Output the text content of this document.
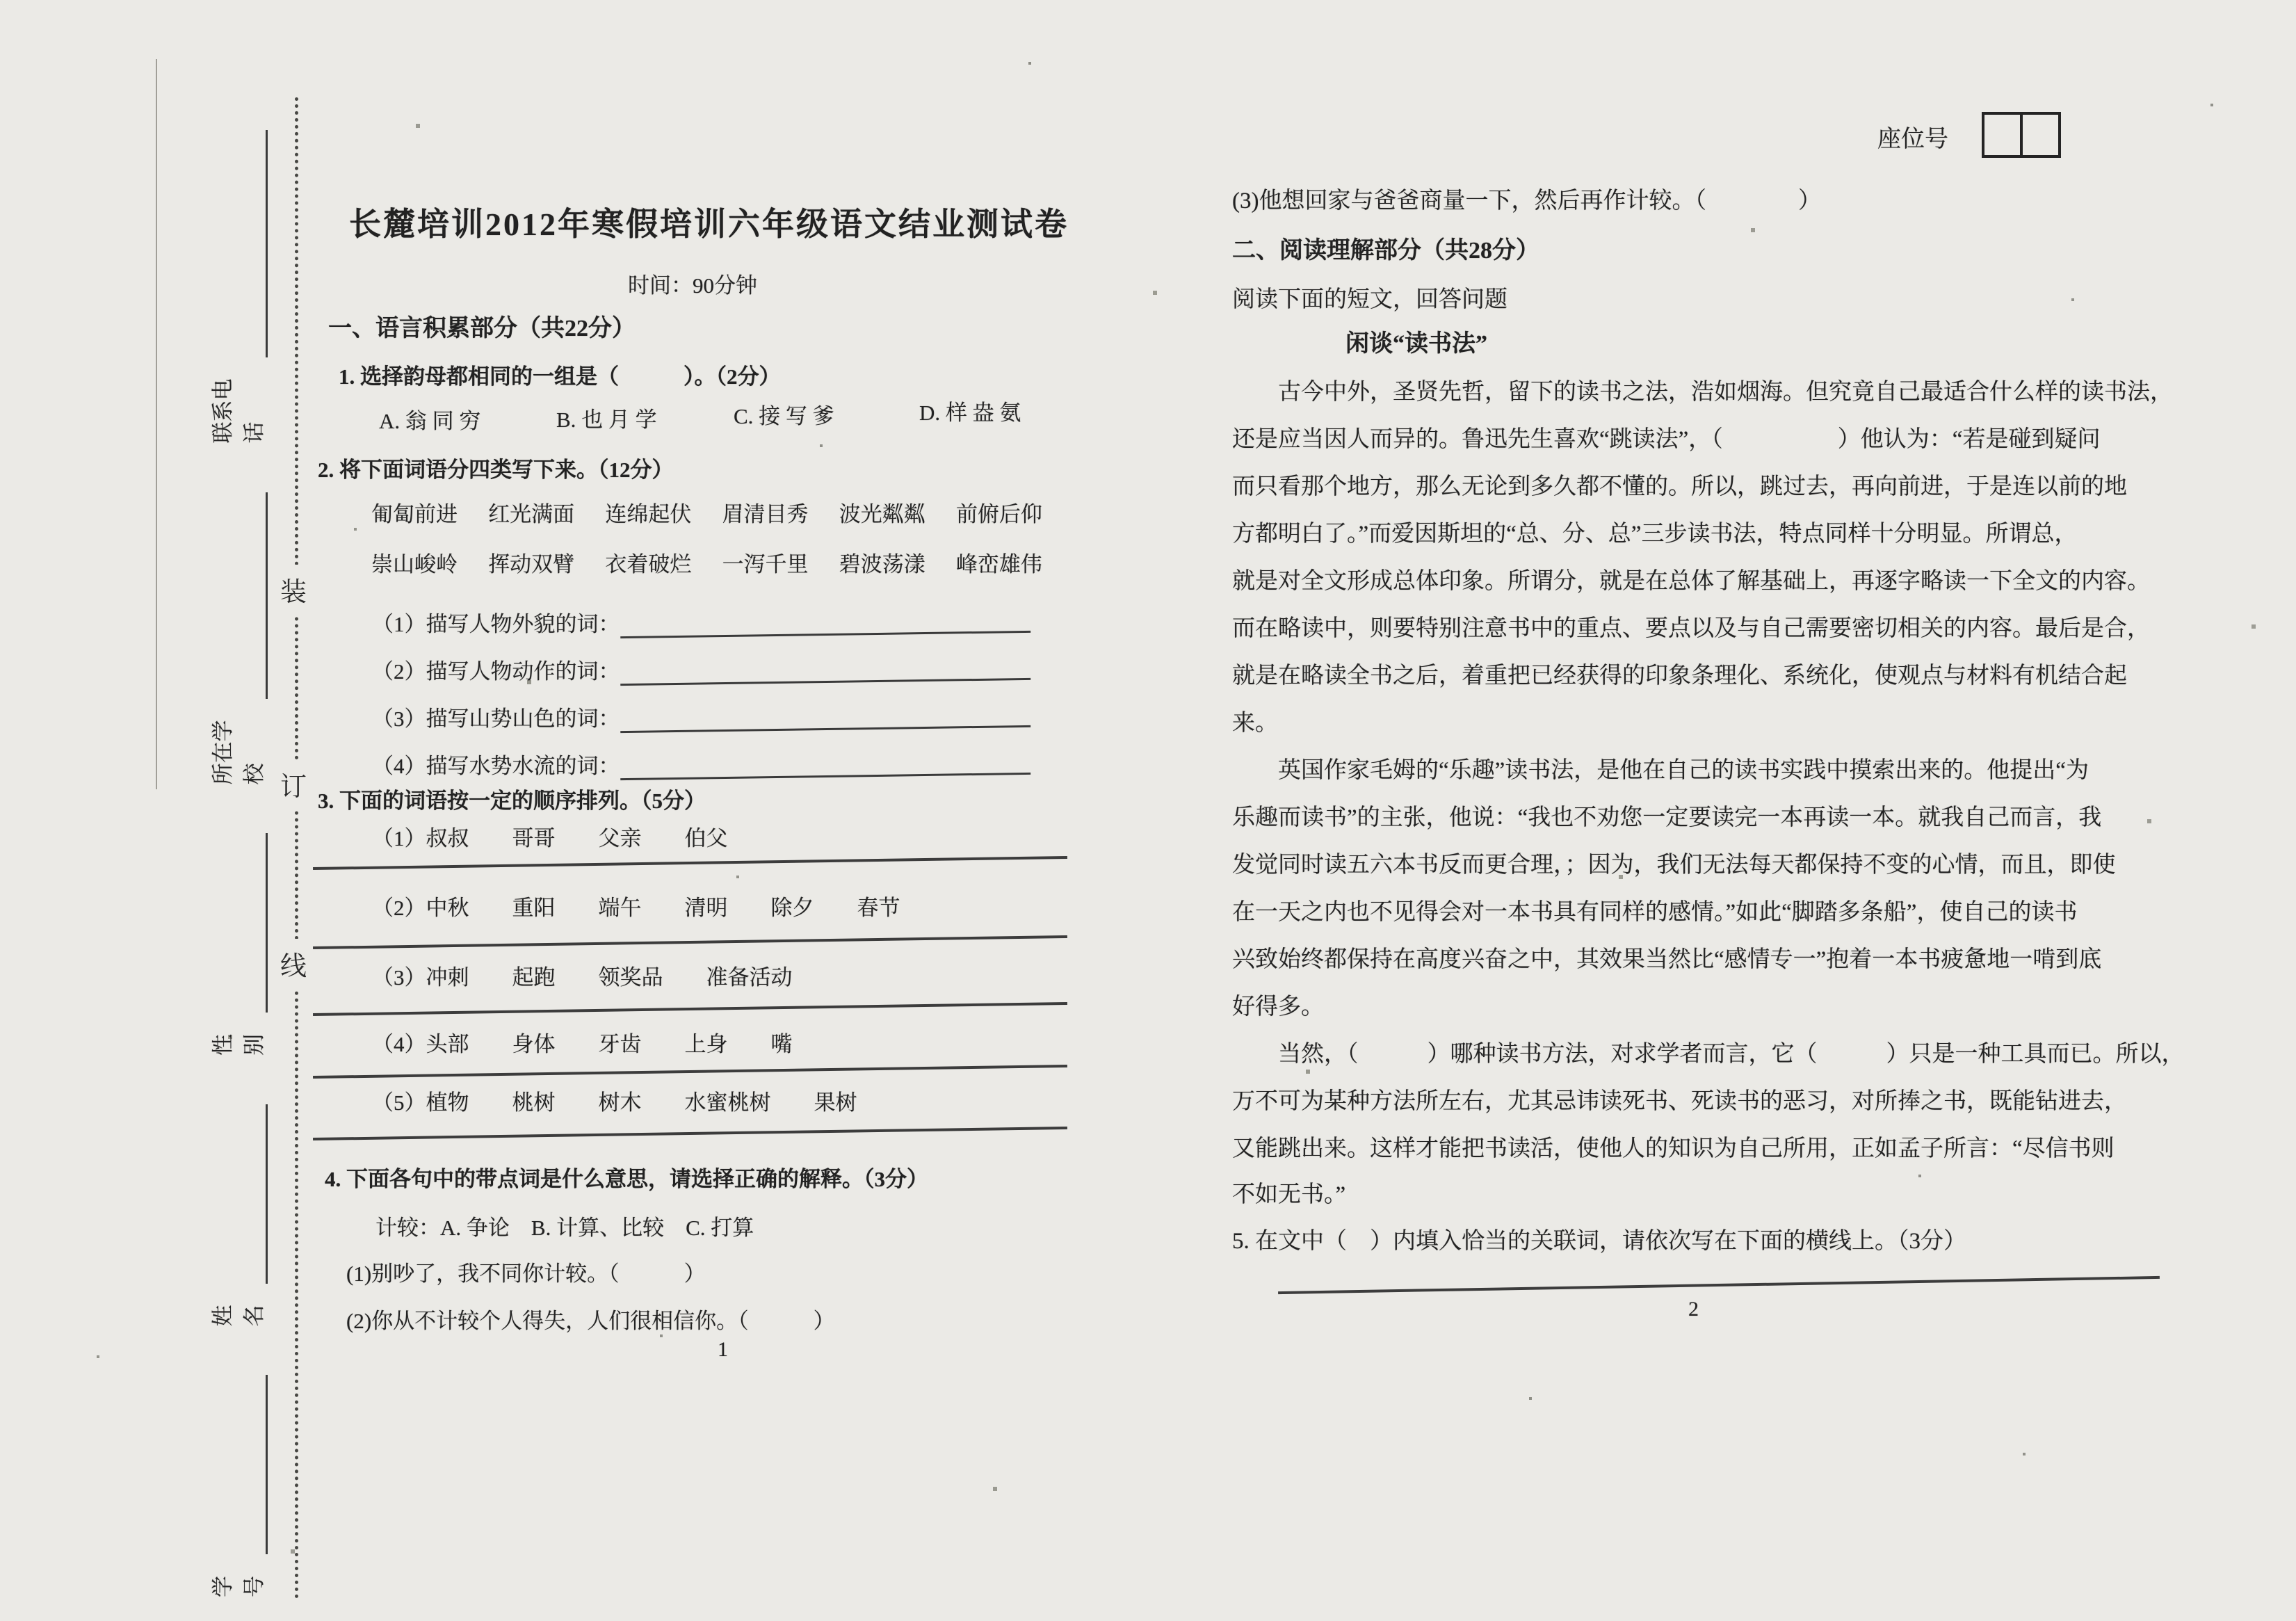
装
订
线
学号
姓名
性别
所在学校
联系电话
长麓培训2012年寒假培训六年级语文结业测试卷
时间：90分钟
一、语言积累部分（共22分）
1. 选择韵母都相同的一组是（　　　）。（2分）
A. 翁 同 穷	B. 也 月 学	C. 接 写 爹	D. 样 盎 氨
2. 将下面词语分四类写下来。（12分）
匍匐前进 红光满面 连绵起伏 眉清目秀 波光粼粼 前俯后仰
崇山峻岭 挥动双臂 衣着破烂 一泻千里 碧波荡漾 峰峦雄伟
（1）描写人物外貌的词：
（2）描写人物动作的词：
（3）描写山势山色的词：
（4）描写水势水流的词：
3. 下面的词语按一定的顺序排列。（5分）
（1）叔叔　　哥哥　　父亲　　伯父
（2）中秋　　重阳　　端午　　清明　　除夕　　春节
（3）冲刺　　起跑　　领奖品　　准备活动
（4）头部　　身体　　牙齿　　上身　　嘴
（5）植物　　桃树　　树木　　水蜜桃树　　果树
4. 下面各句中的带点词是什么意思，请选择正确的解释。（3分）
计较：A. 争论　B. 计算、比较　C. 打算
(1)别吵了，我不同你计较。（　　　）
(2)你从不计较个人得失，人们很相信你。（　　　）
1
座位号
(3)他想回家与爸爸商量一下，然后再作计较。（　　　　）
二、阅读理解部分（共28分）
阅读下面的短文，回答问题
闲谈“读书法”
　　古今中外，圣贤先哲，留下的读书之法，浩如烟海。但究竟自己最适合什么样的读书法，
还是应当因人而异的。鲁迅先生喜欢“跳读法”，（　　　　　）他认为：“若是碰到疑问
而只看那个地方，那么无论到多久都不懂的。所以，跳过去，再向前进，于是连以前的地
方都明白了。”而爱因斯坦的“总、分、总”三步读书法，特点同样十分明显。所谓总，
就是对全文形成总体印象。所谓分，就是在总体了解基础上，再逐字略读一下全文的内容。
而在略读中，则要特别注意书中的重点、要点以及与自己需要密切相关的内容。最后是合，
就是在略读全书之后，着重把已经获得的印象条理化、系统化，使观点与材料有机结合起
来。
　　英国作家毛姆的“乐趣”读书法，是他在自己的读书实践中摸索出来的。他提出“为
乐趣而读书”的主张，他说：“我也不劝您一定要读完一本再读一本。就我自己而言，我
发觉同时读五六本书反而更合理，；因为，我们无法每天都保持不变的心情，而且，即使
在一天之内也不见得会对一本书具有同样的感情。”如此“脚踏多条船”，使自己的读书
兴致始终都保持在高度兴奋之中，其效果当然比“感情专一”抱着一本书疲惫地一啃到底
好得多。
　　当然，（　　　）哪种读书方法，对求学者而言，它（　　　）只是一种工具而已。所以，
万不可为某种方法所左右，尤其忌讳读死书、死读书的恶习，对所捧之书，既能钻进去，
又能跳出来。这样才能把书读活，使他人的知识为自己所用，正如孟子所言：“尽信书则
不如无书。”
5. 在文中（　）内填入恰当的关联词，请依次写在下面的横线上。（3分）
2
